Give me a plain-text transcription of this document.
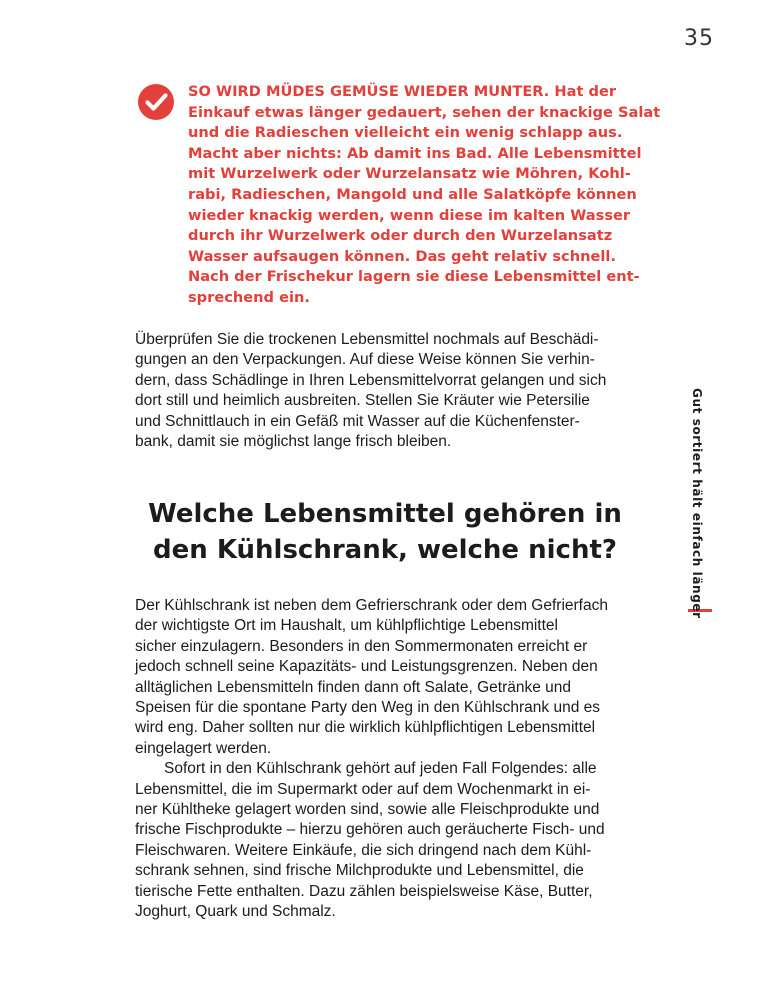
35
SO WIRD MÜDES GEMÜSE WIEDER MUNTER. Hat der
Einkauf etwas länger gedauert, sehen der knackige Salat
und die Radieschen vielleicht ein wenig schlapp aus.
Macht aber nichts: Ab damit ins Bad. Alle Lebensmittel
mit Wurzelwerk oder Wurzelansatz wie Möhren, Kohl-
rabi, Radieschen, Mangold und alle Salatköpfe können
wieder knackig werden, wenn diese im kalten Wasser
durch ihr Wurzelwerk oder durch den Wurzelansatz
Wasser aufsaugen können. Das geht relativ schnell.
Nach der Frischekur lagern sie diese Lebensmittel ent-
sprechend ein.
Überprüfen Sie die trockenen Lebensmittel nochmals auf Beschädi-
gungen an den Verpackungen. Auf diese Weise können Sie verhin-
dern, dass Schädlinge in Ihren Lebensmittelvorrat gelangen und sich
dort still und heimlich ausbreiten. Stellen Sie Kräuter wie Petersilie
und Schnittlauch in ein Gefäß mit Wasser auf die Küchenfenster-
bank, damit sie möglichst lange frisch bleiben.
Welche Lebensmittel gehören in
den Kühlschrank, welche nicht?
Der Kühlschrank ist neben dem Gefrierschrank oder dem Gefrierfach
der wichtigste Ort im Haushalt, um kühlpflichtige Lebensmittel
sicher einzulagern. Besonders in den Sommermonaten erreicht er
jedoch schnell seine Kapazitäts- und Leistungsgrenzen. Neben den
alltäglichen Lebensmitteln finden dann oft Salate, Getränke und
Speisen für die spontane Party den Weg in den Kühlschrank und es
wird eng. Daher sollten nur die wirklich kühlpflichtigen Lebensmittel
eingelagert werden.
Sofort in den Kühlschrank gehört auf jeden Fall Folgendes: alle
Lebensmittel, die im Supermarkt oder auf dem Wochenmarkt in ei-
ner Kühltheke gelagert worden sind, sowie alle Fleischprodukte und
frische Fischprodukte – hierzu gehören auch geräucherte Fisch- und
Fleischwaren. Weitere Einkäufe, die sich dringend nach dem Kühl-
schrank sehnen, sind frische Milchprodukte und Lebensmittel, die
tierische Fette enthalten. Dazu zählen beispielsweise Käse, Butter,
Joghurt, Quark und Schmalz.
Gut sortiert hält einfach länger
